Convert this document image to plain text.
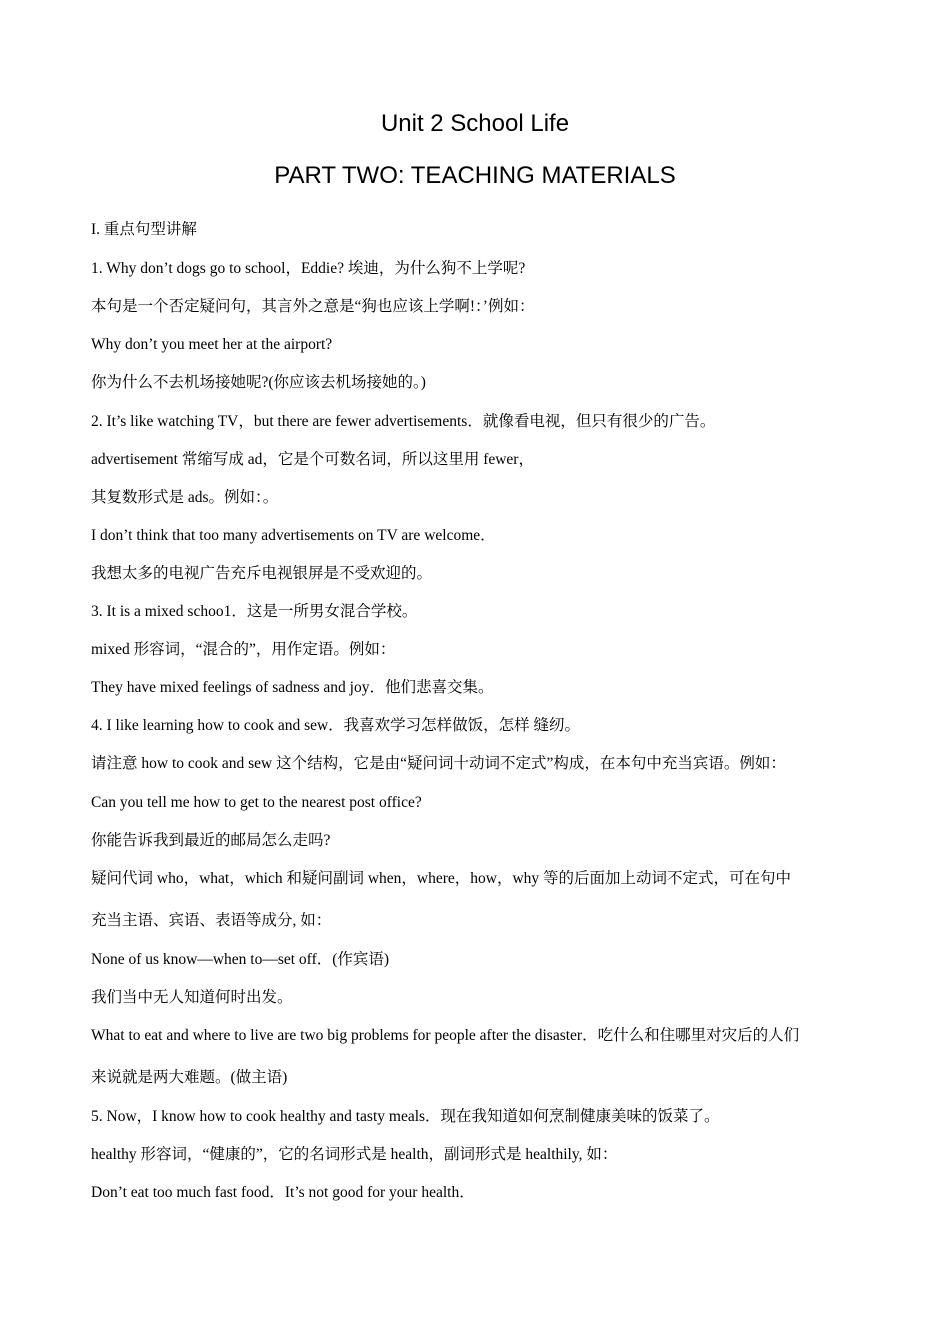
Unit 2 School Life
PART TWO: TEACHING MATERIALS
I. 重点句型讲解
1. Why don’t dogs go to school，Eddie? 埃迪，为什么狗不上学呢?
本句是一个否定疑问句，其言外之意是“狗也应该上学啊!：’例如：
Why don’t you meet her at the airport?
你为什么不去机场接她呢?(你应该去机场接她的。)
2. It’s like watching TV，but there are fewer advertisements．就像看电视，但只有很少的广告。
advertisement 常缩写成 ad，它是个可数名词，所以这里用 fewer，
其复数形式是 ads。例如：。
I don’t think that too many advertisements on TV are welcome．
我想太多的电视广告充斥电视银屏是不受欢迎的。
3. It is a mixed schoo1．这是一所男女混合学校。
mixed 形容词，“混合的”，用作定语。例如：
They have mixed feelings of sadness and joy．他们悲喜交集。
4. I like learning how to cook and sew．我喜欢学习怎样做饭，怎样 缝纫。
请注意 how to cook and sew 这个结构，它是由“疑问词十动词不定式”构成，在本句中充当宾语。例如：
Can you tell me how to get to the nearest post office?
你能告诉我到最近的邮局怎么走吗?
疑问代词 who，what，which 和疑问副词 when，where，how，why 等的后面加上动词不定式，可在句中
充当主语、宾语、表语等成分, 如：
None of us know—when to—set off．(作宾语)
我们当中无人知道何时出发。
What to eat and where to live are two big problems for people after the disaster．吃什么和住哪里对灾后的人们
来说就是两大难题。(做主语)
5. Now，I know how to cook healthy and tasty meals．现在我知道如何烹制健康美味的饭菜了。
healthy 形容词，“健康的”，它的名词形式是 health，副词形式是 healthily, 如：
Don’t eat too much fast food．It’s not good for your health．
